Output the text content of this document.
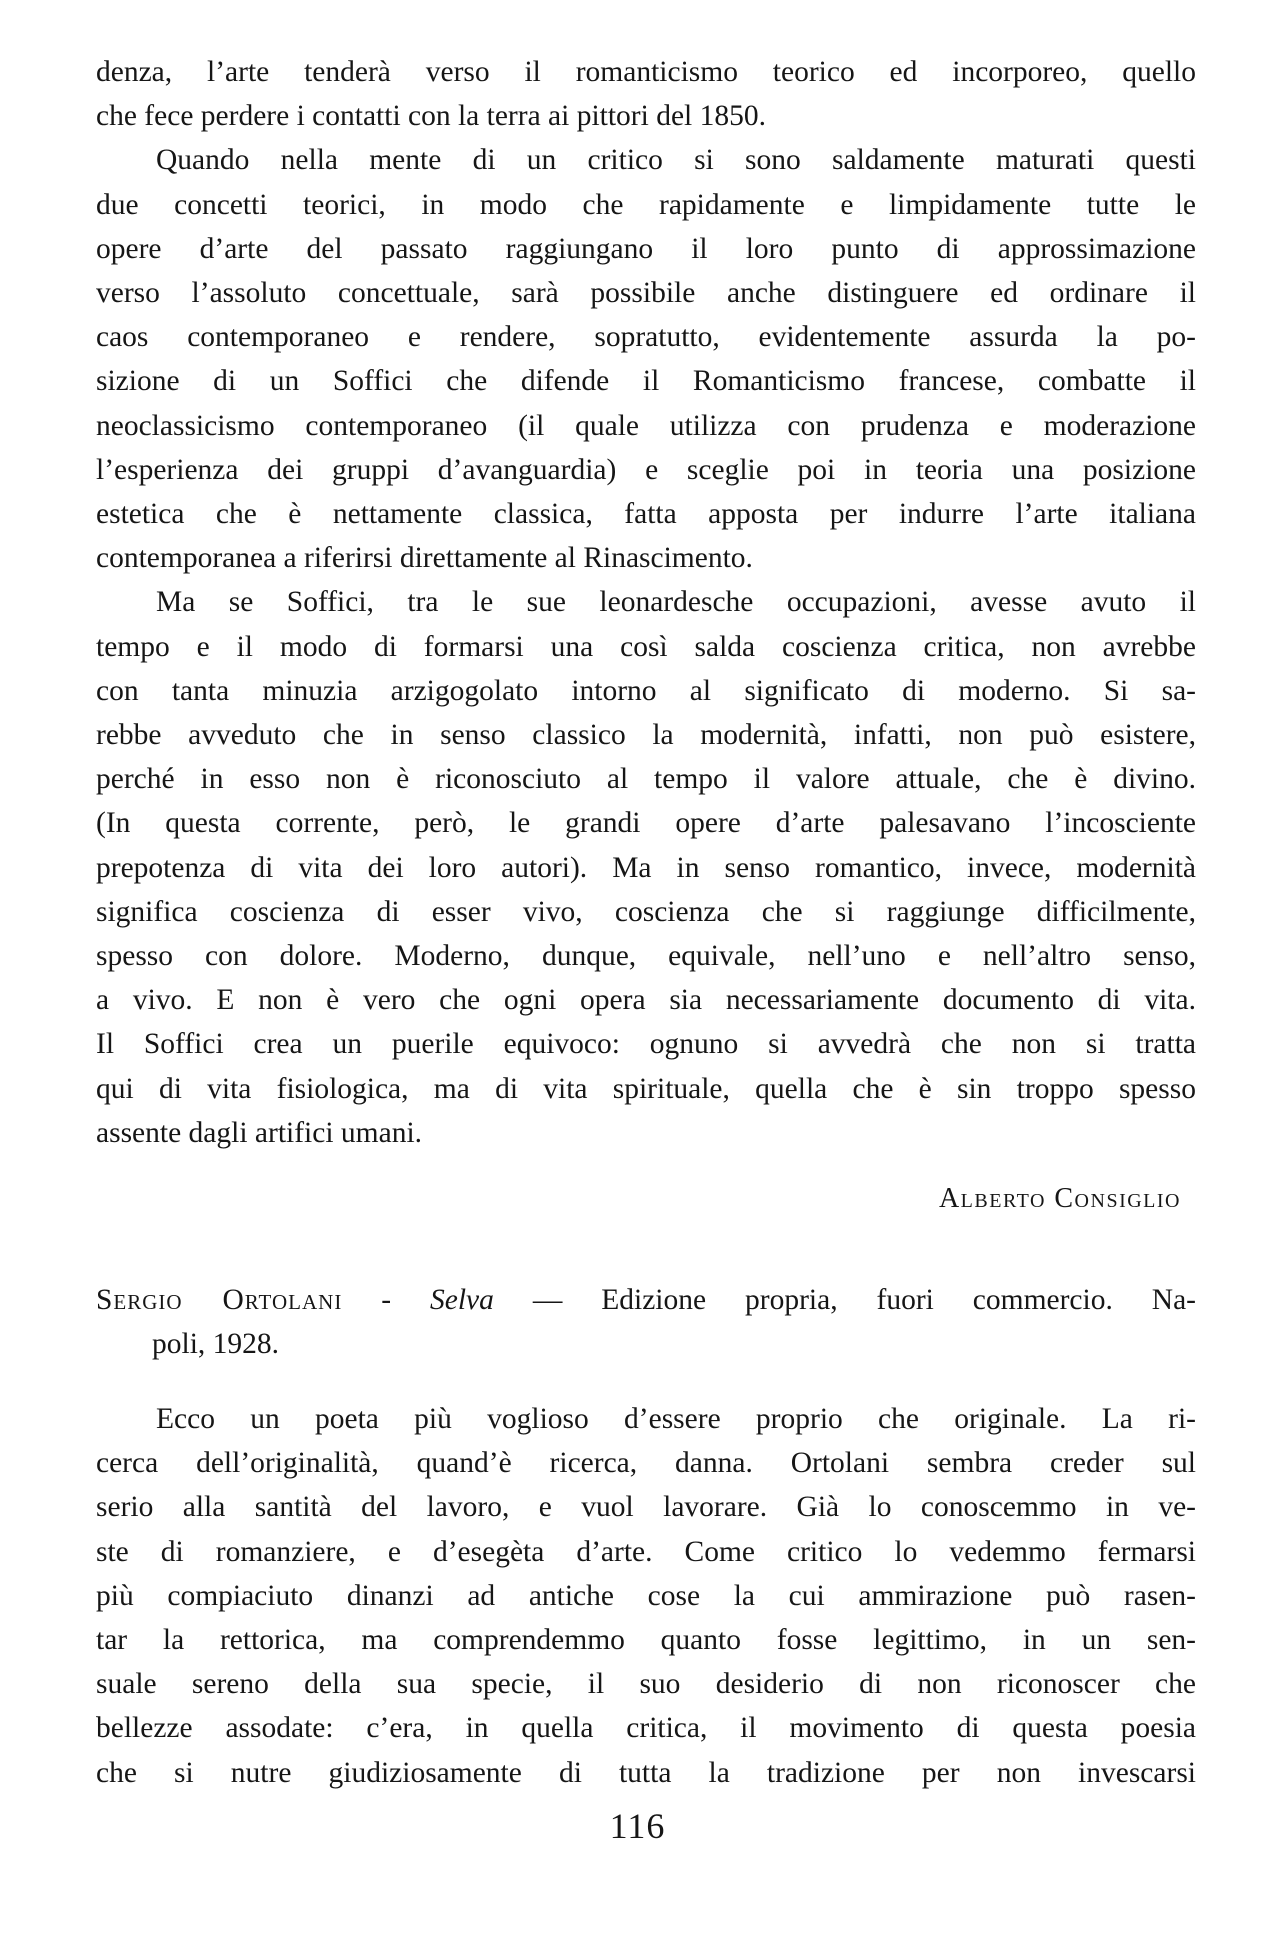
denza, l’arte tenderà verso il romanticismo teorico ed incorporeo, quello
che fece perdere i contatti con la terra ai pittori del 1850.
Quando nella mente di un critico si sono saldamente maturati questi
due concetti teorici, in modo che rapidamente e limpidamente tutte le
opere d’arte del passato raggiungano il loro punto di approssimazione
verso l’assoluto concettuale, sarà possibile anche distinguere ed ordinare il
caos contemporaneo e rendere, sopratutto, evidentemente assurda la po-
sizione di un Soffici che difende il Romanticismo francese, combatte il
neoclassicismo contemporaneo (il quale utilizza con prudenza e moderazione
l’esperienza dei gruppi d’avanguardia) e sceglie poi in teoria una posizione
estetica che è nettamente classica, fatta apposta per indurre l’arte italiana
contemporanea a riferirsi direttamente al Rinascimento.
Ma se Soffici, tra le sue leonardesche occupazioni, avesse avuto il
tempo e il modo di formarsi una così salda coscienza critica, non avrebbe
con tanta minuzia arzigogolato intorno al significato di moderno. Si sa-
rebbe avveduto che in senso classico la modernità, infatti, non può esistere,
perché in esso non è riconosciuto al tempo il valore attuale, che è divino.
(In questa corrente, però, le grandi opere d’arte palesavano l’incosciente
prepotenza di vita dei loro autori). Ma in senso romantico, invece, modernità
significa coscienza di esser vivo, coscienza che si raggiunge difficilmente,
spesso con dolore. Moderno, dunque, equivale, nell’uno e nell’altro senso,
a vivo. E non è vero che ogni opera sia necessariamente documento di vita.
Il Soffici crea un puerile equivoco: ognuno si avvedrà che non si tratta
qui di vita fisiologica, ma di vita spirituale, quella che è sin troppo spesso
assente dagli artifici umani.
Alberto Consiglio
Sergio Ortolani - Selva — Edizione propria, fuori commercio. Na-
poli, 1928.
Ecco un poeta più voglioso d’essere proprio che originale. La ri-
cerca dell’originalità, quand’è ricerca, danna. Ortolani sembra creder sul
serio alla santità del lavoro, e vuol lavorare. Già lo conoscemmo in ve-
ste di romanziere, e d’esegèta d’arte. Come critico lo vedemmo fermarsi
più compiaciuto dinanzi ad antiche cose la cui ammirazione può rasen-
tar la rettorica, ma comprendemmo quanto fosse legittimo, in un sen-
suale sereno della sua specie, il suo desiderio di non riconoscer che
bellezze assodate: c’era, in quella critica, il movimento di questa poesia
che si nutre giudiziosamente di tutta la tradizione per non invescarsi
116
